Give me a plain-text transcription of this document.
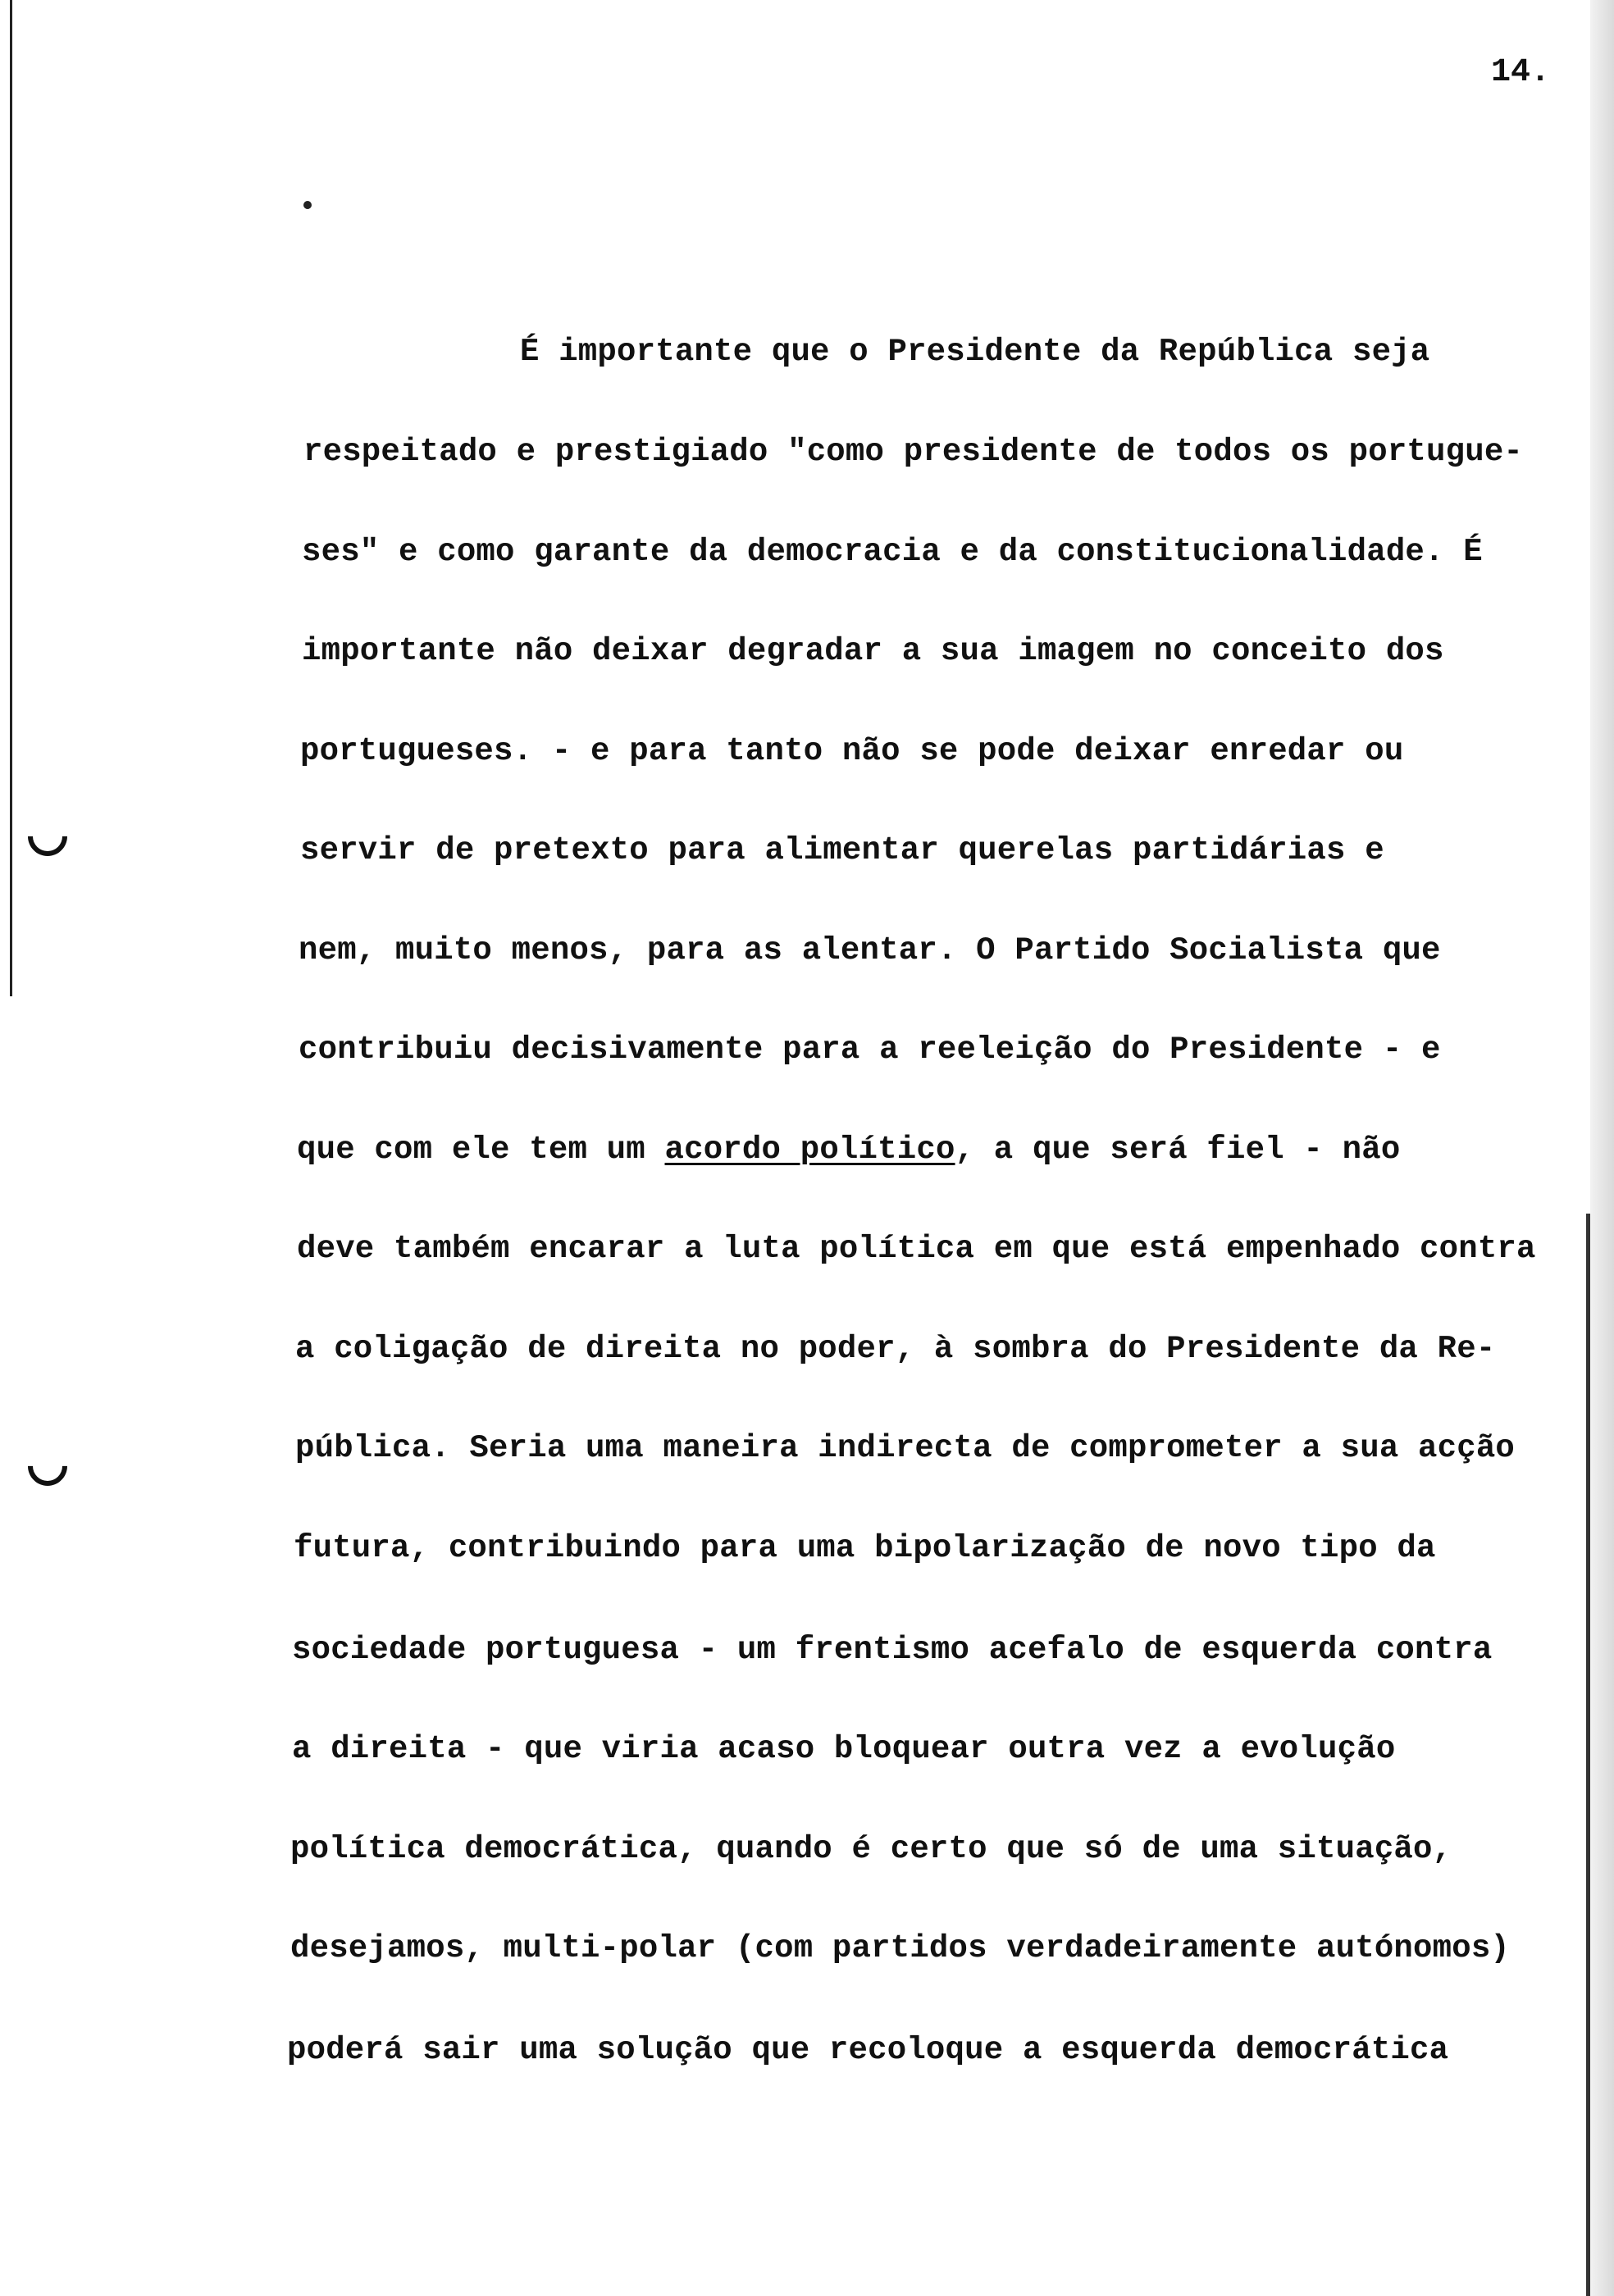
14.
É importante que o Presidente da República seja
respeitado e prestigiado "como presidente de todos os portugue-
ses" e como garante da democracia e da constitucionalidade. É
importante não deixar degradar a sua imagem no conceito dos
portugueses. - e para tanto não se pode deixar enredar ou
servir de pretexto para alimentar querelas partidárias e
nem, muito menos, para as alentar. O Partido Socialista que
contribuiu decisivamente para a reeleição do Presidente - e
que com ele tem um acordo político, a que será fiel - não
deve também encarar a luta política em que está empenhado contra
a coligação de direita no poder, à sombra do Presidente da Re-
pública. Seria uma maneira indirecta de comprometer a sua acção
futura, contribuindo para uma bipolarização de novo tipo da
sociedade portuguesa - um frentismo acefalo de esquerda contra
a direita - que viria acaso bloquear outra vez a evolução
política democrática, quando é certo que só de uma situação,
desejamos, multi-polar (com partidos verdadeiramente autónomos)
poderá sair uma solução que recoloque a esquerda democrática
